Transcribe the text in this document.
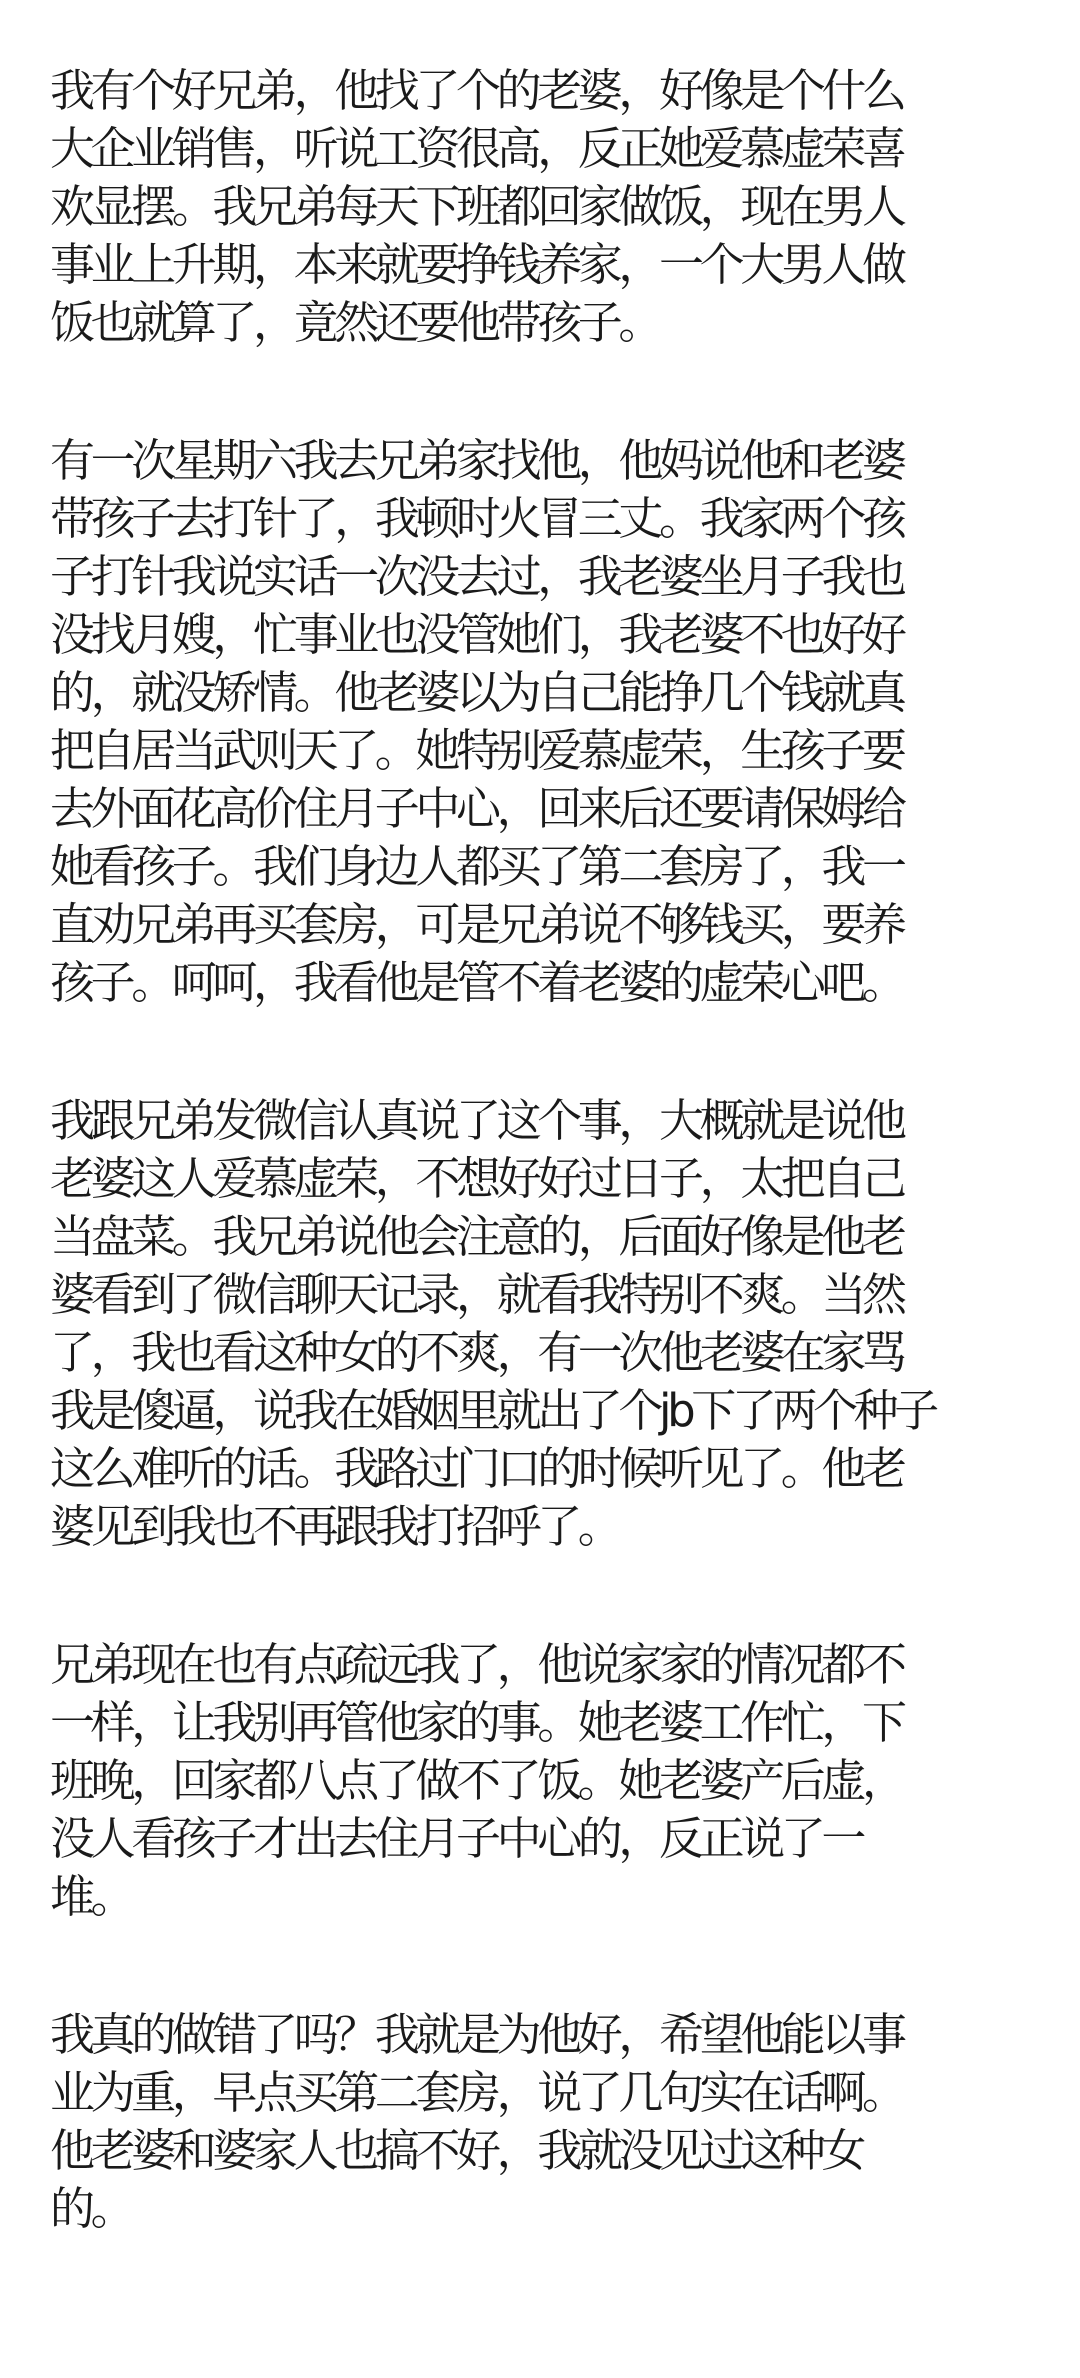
我有个好兄弟，他找了个的老婆，好像是个什么
大企业销售，听说工资很高，反正她爱慕虚荣喜
欢显摆。我兄弟每天下班都回家做饭，现在男人
事业上升期，本来就要挣钱养家，一个大男人做
饭也就算了，竟然还要他带孩子。
有一次星期六我去兄弟家找他，他妈说他和老婆
带孩子去打针了，我顿时火冒三丈。我家两个孩
子打针我说实话一次没去过，我老婆坐月子我也
没找月嫂，忙事业也没管她们，我老婆不也好好
的，就没矫情。他老婆以为自己能挣几个钱就真
把自居当武则天了。她特别爱慕虚荣，生孩子要
去外面花高价住月子中心，回来后还要请保姆给
她看孩子。我们身边人都买了第二套房了，我一
直劝兄弟再买套房，可是兄弟说不够钱买，要养
孩子。呵呵，我看他是管不着老婆的虚荣心吧。
我跟兄弟发微信认真说了这个事，大概就是说他
老婆这人爱慕虚荣，不想好好过日子，太把自己
当盘菜。我兄弟说他会注意的，后面好像是他老
婆看到了微信聊天记录，就看我特别不爽。当然
了，我也看这种女的不爽，有一次他老婆在家骂
我是傻逼，说我在婚姻里就出了个jb下了两个种子
这么难听的话。我路过门口的时候听见了。他老
婆见到我也不再跟我打招呼了。
兄弟现在也有点疏远我了，他说家家的情况都不
一样，让我别再管他家的事。她老婆工作忙，下
班晚，回家都八点了做不了饭。她老婆产后虚，
没人看孩子才出去住月子中心的，反正说了一
堆。
我真的做错了吗？我就是为他好，希望他能以事
业为重，早点买第二套房，说了几句实在话啊。
他老婆和婆家人也搞不好，我就没见过这种女
的。
